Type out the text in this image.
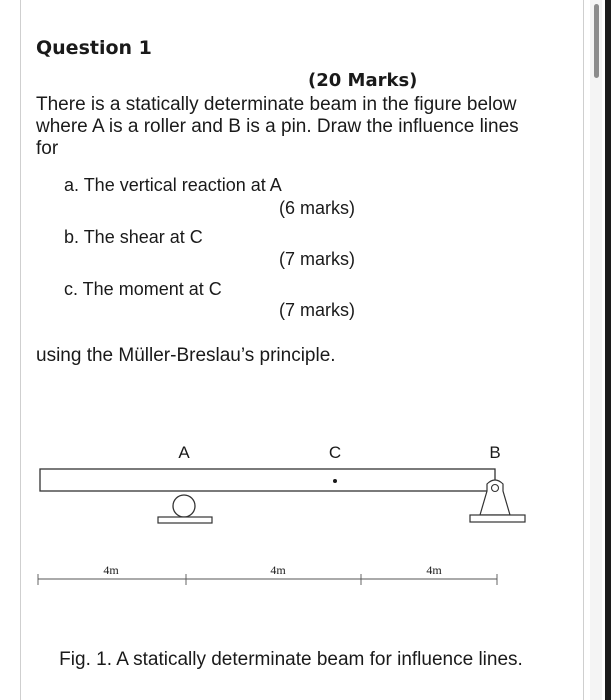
Question 1
(20 Marks)

There is a statically determinate beam in the figure below where A is a roller and B is a pin. Draw the influence lines for

a. The vertical reaction at A
(6 marks)
b. The shear at C
(7 marks)
c. The moment at C
(7 marks)
using the Müller-Breslau’s principle.
A	C	B
4m	4m	4m
Fig. 1. A statically determinate beam for influence lines.
